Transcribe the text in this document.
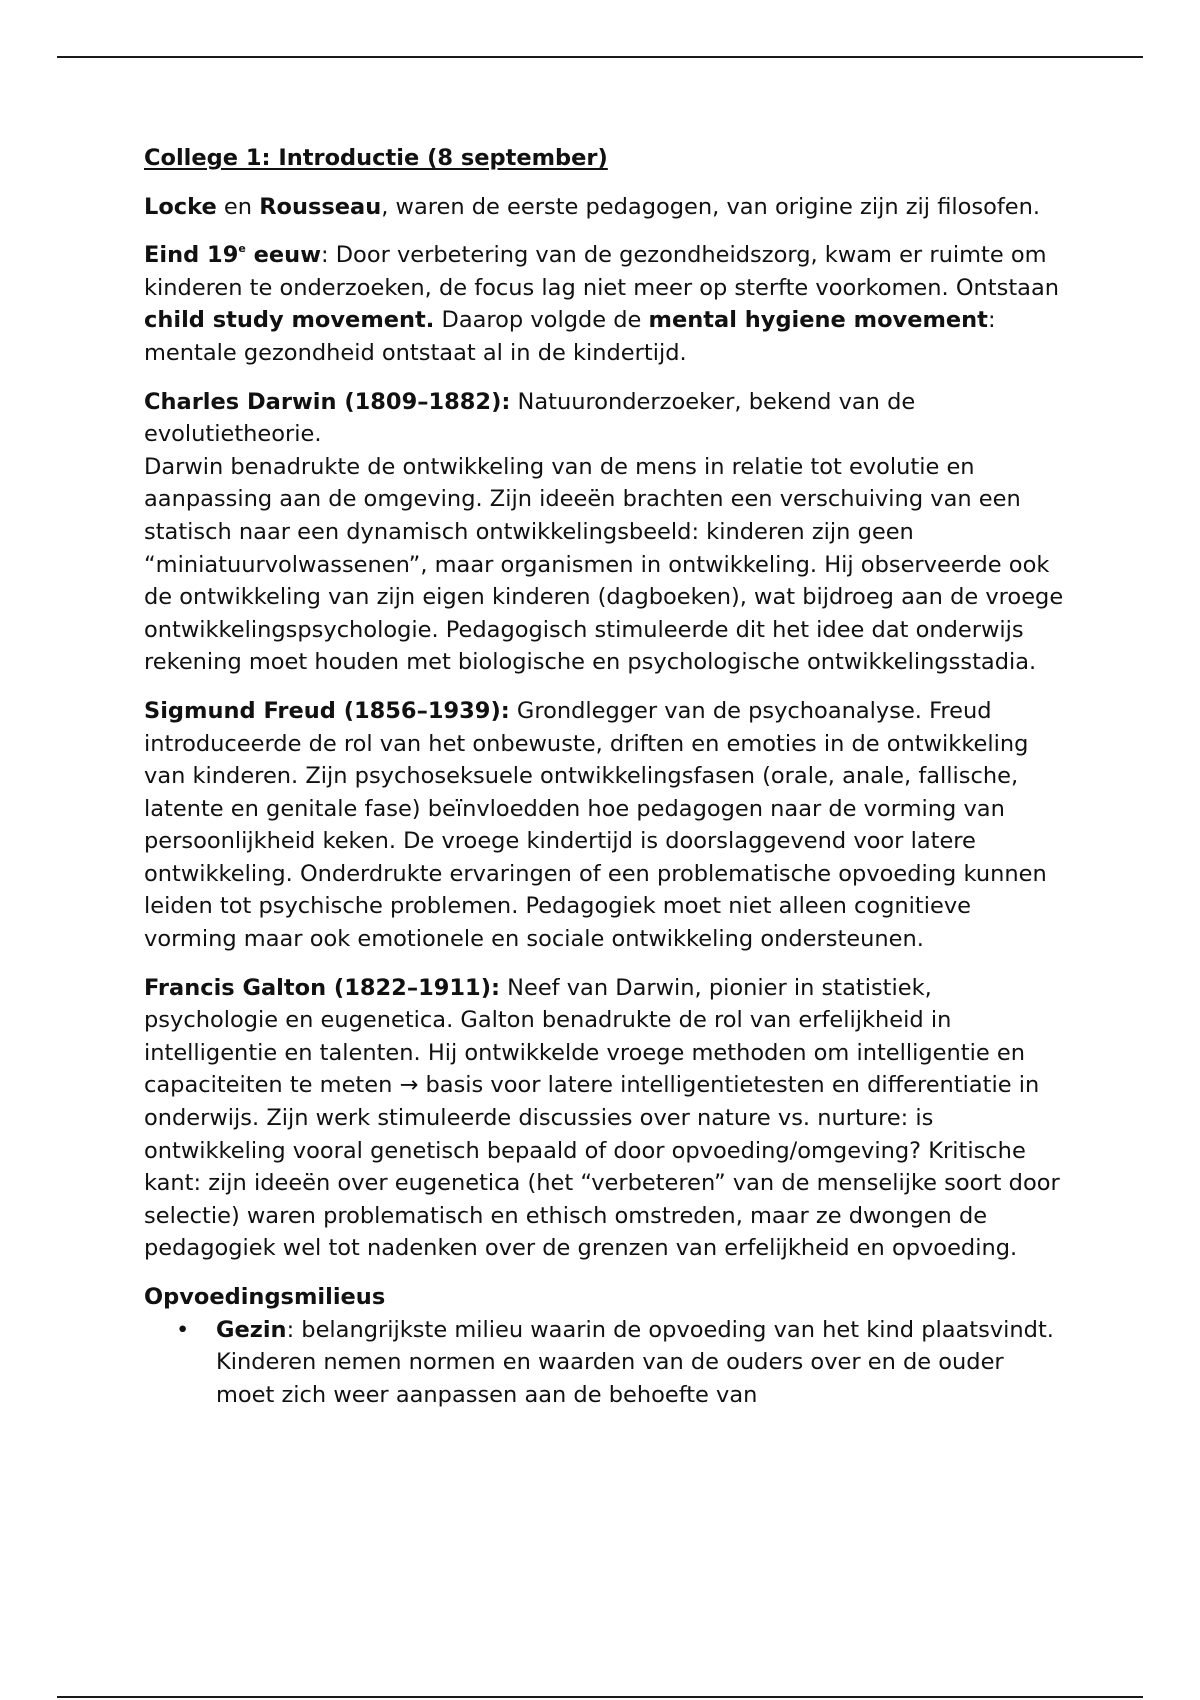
College 1: Introductie (8 september)
Locke en Rousseau, waren de eerste pedagogen, van origine zijn zij filosofen.
Eind 19e eeuw: Door verbetering van de gezondheidszorg, kwam er ruimte om kinderen te onderzoeken, de focus lag niet meer op sterfte voorkomen. Ontstaan child study movement. Daarop volgde de mental hygiene movement: mentale gezondheid ontstaat al in de kindertijd.
Charles Darwin (1809–1882): Natuuronderzoeker, bekend van de evolutietheorie.
Darwin benadrukte de ontwikkeling van de mens in relatie tot evolutie en aanpassing aan de omgeving. Zijn ideeën brachten een verschuiving van een statisch naar een dynamisch ontwikkelingsbeeld: kinderen zijn geen “miniatuurvolwassenen”, maar organismen in ontwikkeling. Hij observeerde ook de ontwikkeling van zijn eigen kinderen (dagboeken), wat bijdroeg aan de vroege ontwikkelingspsychologie. Pedagogisch stimuleerde dit het idee dat onderwijs rekening moet houden met biologische en psychologische ontwikkelingsstadia.
Sigmund Freud (1856–1939): Grondlegger van de psychoanalyse. Freud introduceerde de rol van het onbewuste, driften en emoties in de ontwikkeling van kinderen. Zijn psychoseksuele ontwikkelingsfasen (orale, anale, fallische, latente en genitale fase) beïnvloedden hoe pedagogen naar de vorming van persoonlijkheid keken. De vroege kindertijd is doorslaggevend voor latere ontwikkeling. Onderdrukte ervaringen of een problematische opvoeding kunnen leiden tot psychische problemen. Pedagogiek moet niet alleen cognitieve vorming maar ook emotionele en sociale ontwikkeling ondersteunen.
Francis Galton (1822–1911): Neef van Darwin, pionier in statistiek, psychologie en eugenetica. Galton benadrukte de rol van erfelijkheid in intelligentie en talenten. Hij ontwikkelde vroege methoden om intelligentie en capaciteiten te meten → basis voor latere intelligentietesten en differentiatie in onderwijs. Zijn werk stimuleerde discussies over nature vs. nurture: is ontwikkeling vooral genetisch bepaald of door opvoeding/omgeving? Kritische kant: zijn ideeën over eugenetica (het “verbeteren” van de menselijke soort door selectie) waren problematisch en ethisch omstreden, maar ze dwongen de pedagogiek wel tot nadenken over de grenzen van erfelijkheid en opvoeding.
Opvoedingsmilieus
• Gezin: belangrijkste milieu waarin de opvoeding van het kind plaatsvindt. Kinderen nemen normen en waarden van de ouders over en de ouder moet zich weer aanpassen aan de behoefte van
